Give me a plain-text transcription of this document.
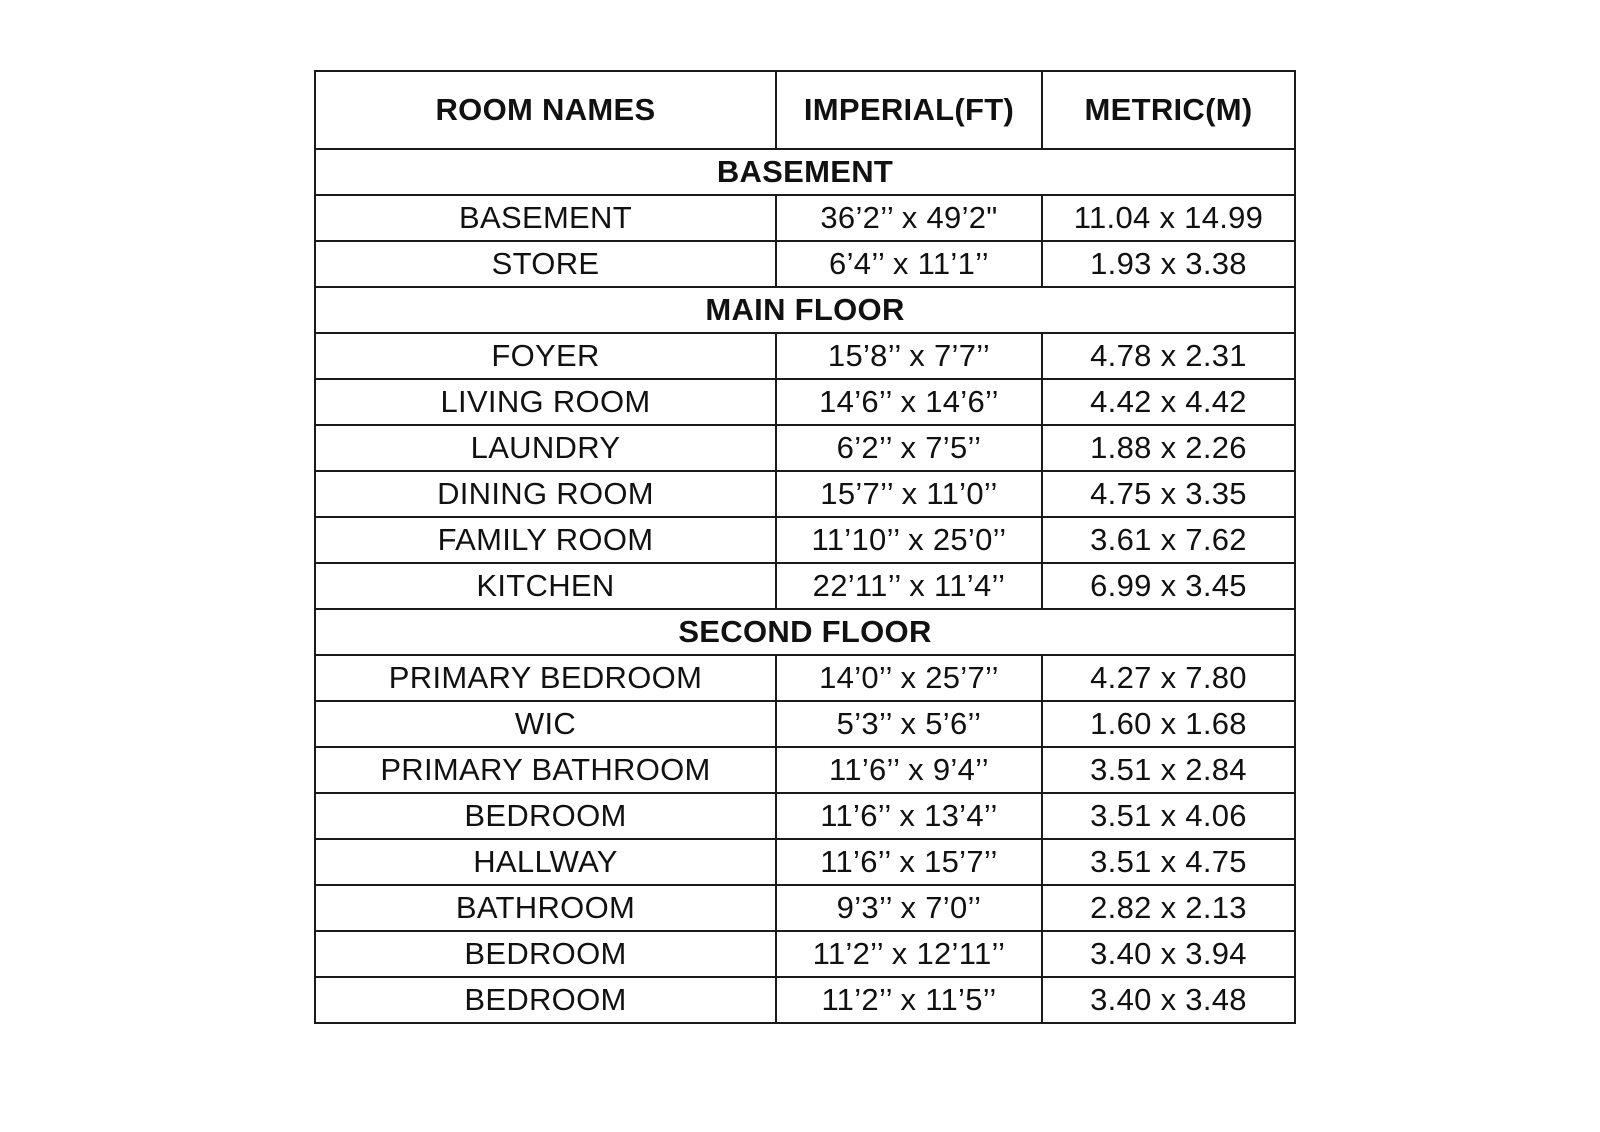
ROOM NAMES	IMPERIAL(FT)	METRIC(M)
BASEMENT		
BASEMENT	36’2’’ x 49’2"	11.04 x 14.99
STORE	6’4’’ x 11’1’’	1.93 x 3.38
MAIN FLOOR		
FOYER	15’8’’ x 7’7’’	4.78 x 2.31
LIVING ROOM	14’6’’ x 14’6’’	4.42 x 4.42
LAUNDRY	6’2’’ x 7’5’’	1.88 x 2.26
DINING ROOM	15’7’’ x 11’0’’	4.75 x 3.35
FAMILY ROOM	11’10’’ x 25’0’’	3.61 x 7.62
KITCHEN	22’11’’ x 11’4’’	6.99 x 3.45
SECOND FLOOR		
PRIMARY BEDROOM	14’0’’ x 25’7’’	4.27 x 7.80
WIC	5’3’’ x 5’6’’	1.60 x 1.68
PRIMARY BATHROOM	11’6’’ x 9’4’’	3.51 x 2.84
BEDROOM	11’6’’ x 13’4’’	3.51 x 4.06
HALLWAY	11’6’’ x 15’7’’	3.51 x 4.75
BATHROOM	9’3’’ x 7’0’’	2.82 x 2.13
BEDROOM	11’2’’ x 12’11’’	3.40 x 3.94
BEDROOM	11’2’’ x 11’5’’	3.40 x 3.48
